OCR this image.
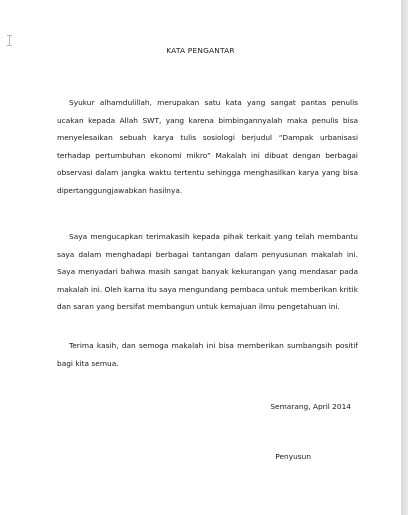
KATA PENGANTAR

Syukur alhamdulillah, merupakan satu kata yang sangat pantas penulis ucakan kepada Allah SWT, yang karena bimbingannyalah maka penulis bisa menyelesaikan sebuah karya tulis sosiologi berjudul “Dampak urbanisasi terhadap pertumbuhan ekonomi mikro” Makalah ini dibuat dengan berbagai observasi dalam jangka waktu tertentu sehingga menghasilkan karya yang bisa dipertanggungjawabkan hasilnya.

Saya mengucapkan terimakasih kepada pihak terkait yang telah membantu saya dalam menghadapi berbagai tantangan dalam penyusunan makalah ini. Saya menyadari bahwa masih sangat banyak kekurangan yang mendasar pada makalah ini. Oleh karna itu saya mengundang pembaca untuk memberikan kritik dan saran yang bersifat membangun untuk kemajuan ilmu pengetahuan ini.

Terima kasih, dan semoga makalah ini bisa memberikan sumbangsih positif bagi kita semua.

Semarang, April 2014
Penyusun
